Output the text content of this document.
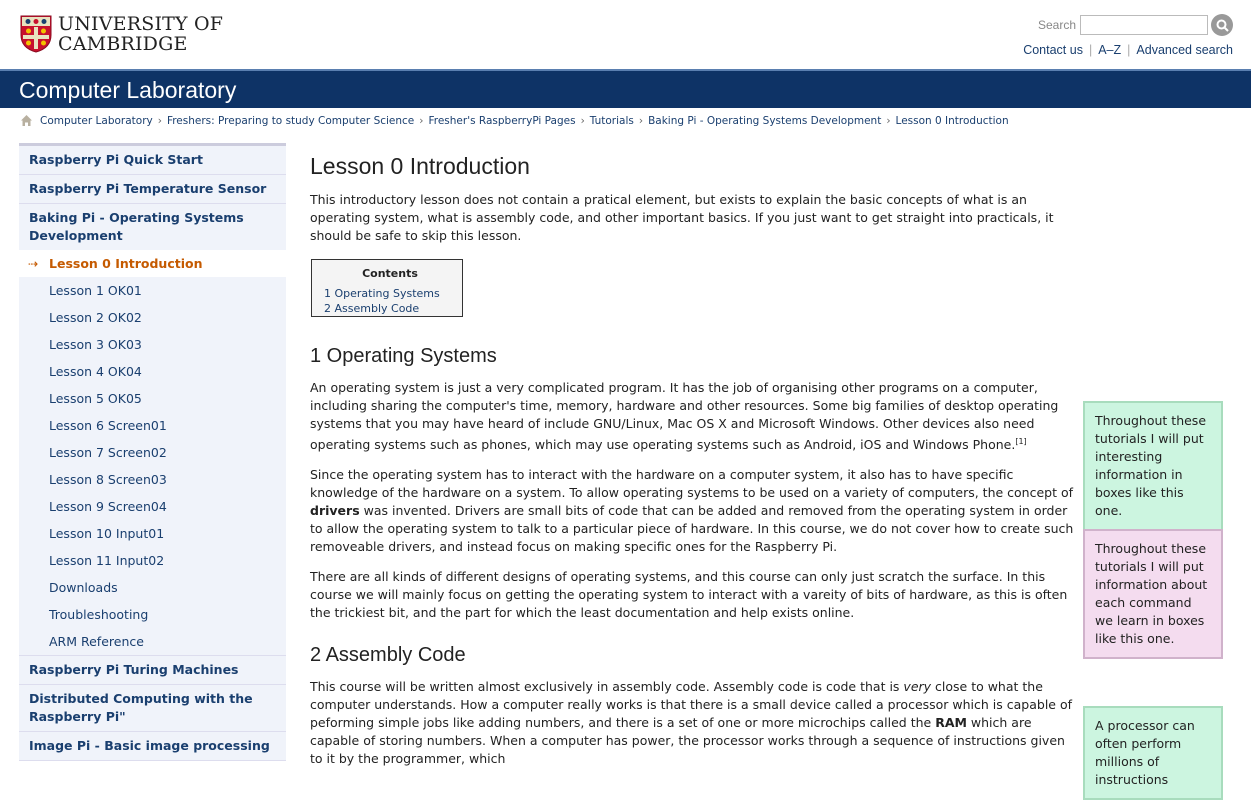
UNIVERSITY OF
CAMBRIDGE
Search
Contact us | A–Z | Advanced search
Computer Laboratory
Computer Laboratory › Freshers: Preparing to study Computer Science › Fresher's RaspberryPi Pages › Tutorials › Baking Pi - Operating Systems Development › Lesson 0 Introduction
Raspberry Pi Quick Start
Raspberry Pi Temperature Sensor
Baking Pi - Operating Systems Development
⇢ Lesson 0 Introduction
Lesson 1 OK01
Lesson 2 OK02
Lesson 3 OK03
Lesson 4 OK04
Lesson 5 OK05
Lesson 6 Screen01
Lesson 7 Screen02
Lesson 8 Screen03
Lesson 9 Screen04
Lesson 10 Input01
Lesson 11 Input02
Downloads
Troubleshooting
ARM Reference
Raspberry Pi Turing Machines
Distributed Computing with the Raspberry Pi"
Image Pi - Basic image processing
Lesson 0 Introduction

This introductory lesson does not contain a pratical element, but exists to explain the basic concepts of what is an operating system, what is assembly code, and other important basics. If you just want to get straight into practicals, it should be safe to skip this lesson.

Contents
1 Operating Systems
2 Assembly Code
1 Operating Systems

An operating system is just a very complicated program. It has the job of organising other programs on a computer, including sharing the computer's time, memory, hardware and other resources. Some big families of desktop operating systems that you may have heard of include GNU/Linux, Mac OS X and Microsoft Windows. Other devices also need operating systems such as phones, which may use operating systems such as Android, iOS and Windows Phone.[1]

Since the operating system has to interact with the hardware on a computer system, it also has to have specific knowledge of the hardware on a system. To allow operating systems to be used on a variety of computers, the concept of drivers was invented. Drivers are small bits of code that can be added and removed from the operating system in order to allow the operating system to talk to a particular piece of hardware. In this course, we do not cover how to create such removeable drivers, and instead focus on making specific ones for the Raspberry Pi.

There are all kinds of different designs of operating systems, and this course can only just scratch the surface. In this course we will mainly focus on getting the operating system to interact with a vareity of bits of hardware, as this is often the trickiest bit, and the part for which the least documentation and help exists online.

2 Assembly Code

This course will be written almost exclusively in assembly code. Assembly code is code that is very close to what the computer understands. How a computer really works is that there is a small device called a processor which is capable of peforming simple jobs like adding numbers, and there is a set of one or more microchips called the RAM which are capable of storing numbers. When a computer has power, the processor works through a sequence of instructions given to it by the programmer, which

Throughout these tutorials I will put interesting information in boxes like this one.
Throughout these tutorials I will put information about each command we learn in boxes like this one.
A processor can often perform millions of instructions
